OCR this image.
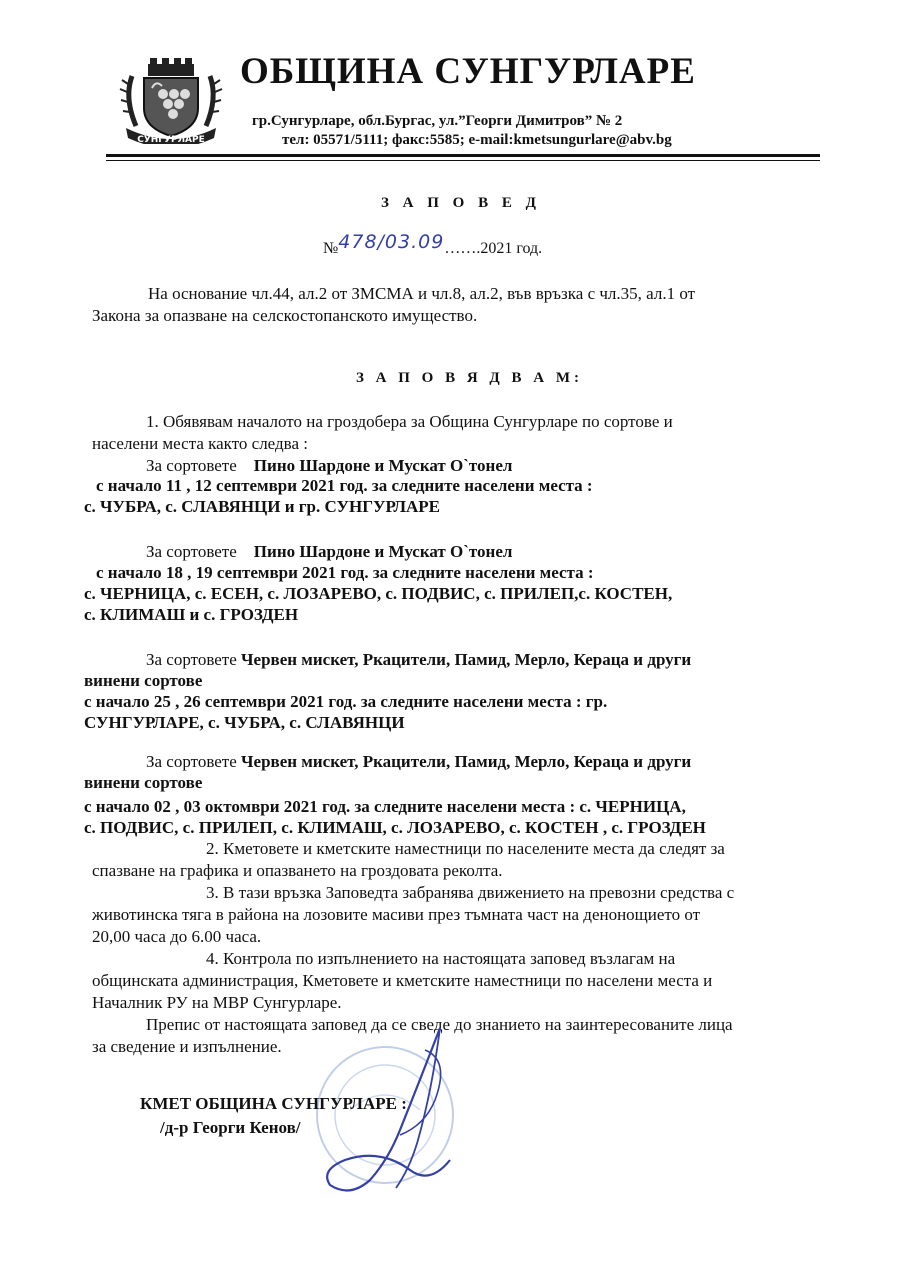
СУНГУРЛАРЕ
ОБЩИНА СУНГУРЛАРЕ
гр.Сунгурларе, обл.Бургас, ул.”Георги Димитров” № 2
тел: 05571/5111; факс:5585; e-mail:kmetsungurlare@abv.bg
З А П О В Е Д
№478/03.09…….2021 год.
На основание чл.44, ал.2 от ЗМСМА и чл.8, ал.2, във връзка с чл.35, ал.1 от
Закона за опазване на селскостопанското имущество.
З А П О В Я Д В А М:
1. Обявявам началото на гроздобера за Община Сунгурларе по сортове и
населени места както следва :
За сортовете Пино Шардоне и Мускат О`тонел
с начало 11 , 12 септември 2021 год. за следните населени места :
с. ЧУБРА, с. СЛАВЯНЦИ и гр. СУНГУРЛАРЕ
За сортовете Пино Шардоне и Мускат О`тонел
с начало 18 , 19 септември 2021 год. за следните населени места :
с. ЧЕРНИЦА, с. ЕСЕН, с. ЛОЗАРЕВО, с. ПОДВИС, с. ПРИЛЕП,с. КОСТЕН,
с. КЛИМАШ и с. ГРОЗДЕН
За сортовете Червен мискет, Ркацители, Памид, Мерло, Кераца и други
винени сортове
с начало 25 , 26 септември 2021 год. за следните населени места : гр.
СУНГУРЛАРЕ, с. ЧУБРА, с. СЛАВЯНЦИ
За сортовете Червен мискет, Ркацители, Памид, Мерло, Кераца и други
винени сортове
с начало 02 , 03 октомври 2021 год. за следните населени места : с. ЧЕРНИЦА,
с. ПОДВИС, с. ПРИЛЕП, с. КЛИМАШ, с. ЛОЗАРЕВО, с. КОСТЕН , с. ГРОЗДЕН
2. Кметовете и кметските наместници по населените места да следят за
спазване на графика и опазването на гроздовата реколта.
3. В тази връзка Заповедта забранява движението на превозни средства с
животинска тяга в района на лозовите масиви през тъмната част на денонощието от
20,00 часа до 6.00 часа.
4. Контрола по изпълнението на настоящата заповед възлагам на
общинската администрация, Кметовете и кметските наместници по населени места и
Началник РУ на МВР Сунгурларе.
Препис от настоящата заповед да се сведе до знанието на заинтересованите лица
за сведение и изпълнение.
КМЕТ ОБЩИНА СУНГУРЛАРЕ :
/д-р Георги Кенов/
